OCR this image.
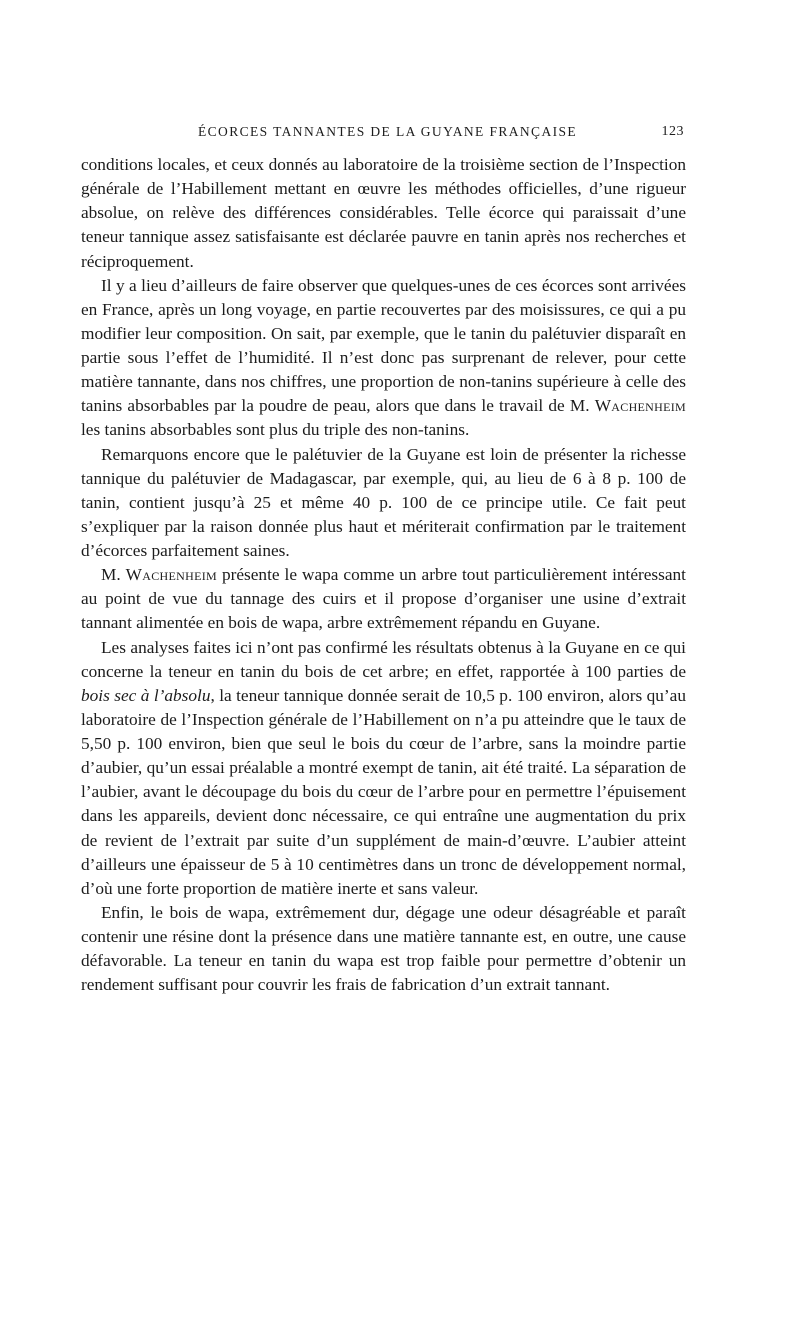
ÉCORCES TANNANTES DE LA GUYANE FRANÇAISE	123

conditions locales, et ceux donnés au laboratoire de la troisième section de l’Inspection générale de l’Habillement mettant en œuvre les méthodes officielles, d’une rigueur absolue, on relève des différences considérables. Telle écorce qui paraissait d’une teneur tannique assez satisfaisante est déclarée pauvre en tanin après nos recherches et réciproquement.

Il y a lieu d’ailleurs de faire observer que quelques-unes de ces écorces sont arrivées en France, après un long voyage, en partie recouvertes par des moisissures, ce qui a pu modifier leur composition. On sait, par exemple, que le tanin du palétuvier disparaît en partie sous l’effet de l’humidité. Il n’est donc pas surprenant de relever, pour cette matière tannante, dans nos chiffres, une proportion de non-tanins supérieure à celle des tanins absorbables par la poudre de peau, alors que dans le travail de M. Wachenheim les tanins absorbables sont plus du triple des non-tanins.

Remarquons encore que le palétuvier de la Guyane est loin de présenter la richesse tannique du palétuvier de Madagascar, par exemple, qui, au lieu de 6 à 8 p. 100 de tanin, contient jusqu’à 25 et même 40 p. 100 de ce principe utile. Ce fait peut s’expliquer par la raison donnée plus haut et mériterait confirmation par le traitement d’écorces parfaitement saines.

M. Wachenheim présente le wapa comme un arbre tout particulièrement intéressant au point de vue du tannage des cuirs et il propose d’organiser une usine d’extrait tannant alimentée en bois de wapa, arbre extrêmement répandu en Guyane.

Les analyses faites ici n’ont pas confirmé les résultats obtenus à la Guyane en ce qui concerne la teneur en tanin du bois de cet arbre; en effet, rapportée à 100 parties de bois sec à l’absolu, la teneur tannique donnée serait de 10,5 p. 100 environ, alors qu’au laboratoire de l’Inspection générale de l’Habillement on n’a pu atteindre que le taux de 5,50 p. 100 environ, bien que seul le bois du cœur de l’arbre, sans la moindre partie d’aubier, qu’un essai préalable a montré exempt de tanin, ait été traité. La séparation de l’aubier, avant le découpage du bois du cœur de l’arbre pour en permettre l’épuisement dans les appareils, devient donc nécessaire, ce qui entraîne une augmentation du prix de revient de l’extrait par suite d’un supplément de main-d’œuvre. L’aubier atteint d’ailleurs une épaisseur de 5 à 10 centimètres dans un tronc de développement normal, d’où une forte proportion de matière inerte et sans valeur.

Enfin, le bois de wapa, extrêmement dur, dégage une odeur désagréable et paraît contenir une résine dont la présence dans une matière tannante est, en outre, une cause défavorable. La teneur en tanin du wapa est trop faible pour permettre d’obtenir un rendement suffisant pour couvrir les frais de fabrication d’un extrait tannant.
